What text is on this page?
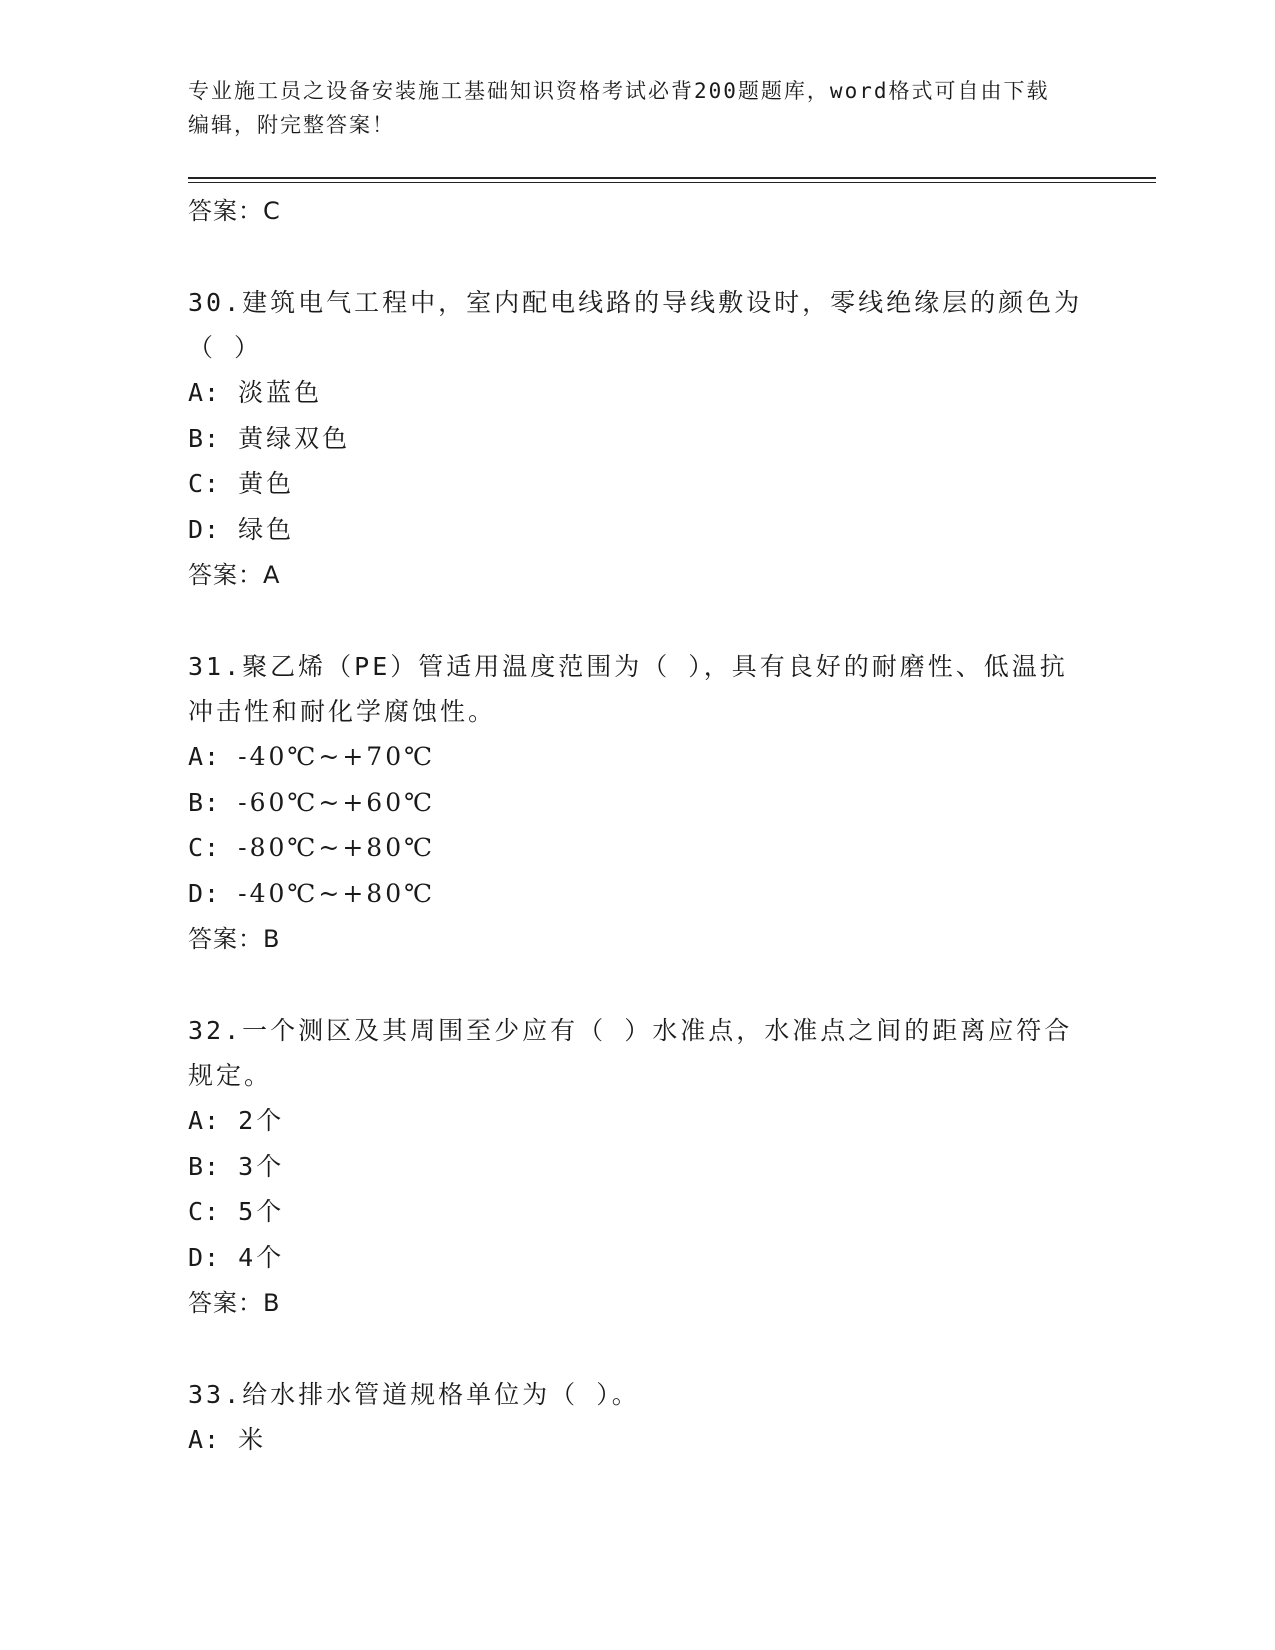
专业施工员之设备安装施工基础知识资格考试必背200题题库，word格式可自由下载编辑，附完整答案！

答案：C

30.建筑电气工程中，室内配电线路的导线敷设时，零线绝缘层的颜色为（ ）

A: 淡蓝色
B: 黄绿双色
C: 黄色
D: 绿色

答案：A

31.聚乙烯（PE）管适用温度范围为（ ），具有良好的耐磨性、低温抗冲击性和耐化学腐蚀性。

A: -40℃~+70℃
B: -60℃~+60℃
C: -80℃~+80℃
D: -40℃~+80℃

答案：B

32.一个测区及其周围至少应有（ ）水准点，水准点之间的距离应符合规定。

A: 2个
B: 3个
C: 5个
D: 4个

答案：B

33.给水排水管道规格单位为（ ）。

A: 米
